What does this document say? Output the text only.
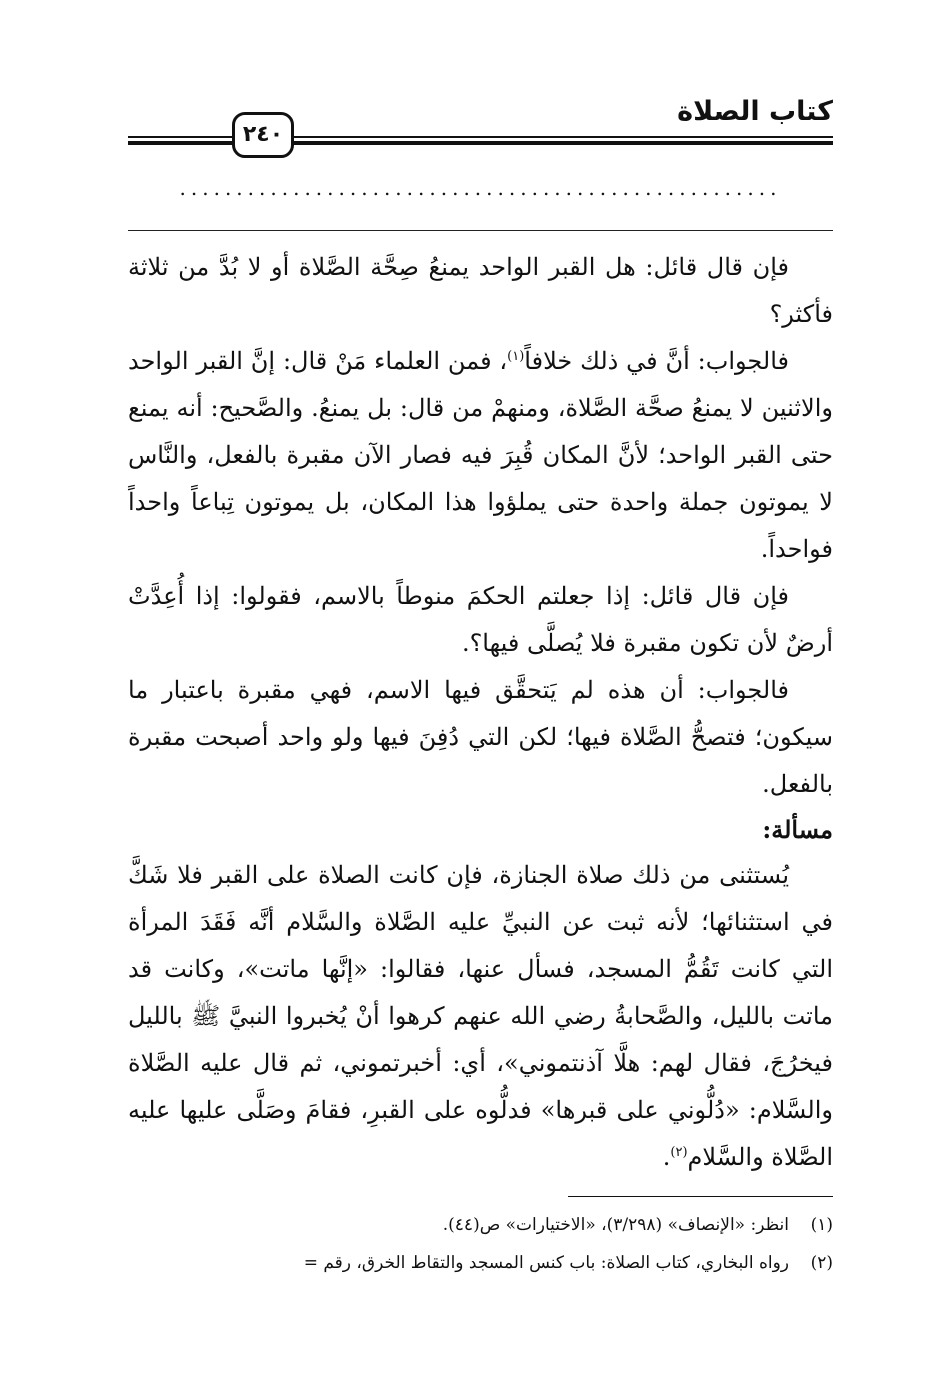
٢٤٠
كتاب الصلاة
.....................................................

فإن قال قائل: هل القبر الواحد يمنعُ صِحَّة الصَّلاة أو لا بُدَّ من ثلاثة فأكثر؟

فالجواب: أنَّ في ذلك خلافاً$^{(١)}$، فمن العلماء مَنْ قال: إنَّ القبر الواحد والاثنين لا يمنعُ صحَّة الصَّلاة، ومنهمْ من قال: بل يمنعُ. والصَّحيح: أنه يمنع حتى القبر الواحد؛ لأنَّ المكان قُبِرَ فيه فصار الآن مقبرة بالفعل، والنَّاس لا يموتون جملة واحدة حتى يملؤوا هذا المكان، بل يموتون تِباعاً واحداً فواحداً.

فإن قال قائل: إذا جعلتم الحكمَ منوطاً بالاسم، فقولوا: إذا أُعِدَّتْ أرضٌ لأن تكون مقبرة فلا يُصلَّى فيها؟.

فالجواب: أن هذه لم يَتحقَّق فيها الاسم، فهي مقبرة باعتبار ما سيكون؛ فتصحُّ الصَّلاة فيها؛ لكن التي دُفِنَ فيها ولو واحد أصبحت مقبرة بالفعل.

مسألة:

يُستثنى من ذلك صلاة الجنازة، فإن كانت الصلاة على القبر فلا شَكَّ في استثنائها؛ لأنه ثبت عن النبيِّ عليه الصَّلاة والسَّلام أنَّه فَقَدَ المرأة التي كانت تَقُمُّ المسجد، فسأل عنها، فقالوا: «إنَّها ماتت»، وكانت قد ماتت بالليل، والصَّحابةُ رضي الله عنهم كرهوا أنْ يُخبروا النبيَّ ﷺ بالليل فيخرُجَ، فقال لهم: هلَّا آذنتموني»، أي: أخبرتموني، ثم قال عليه الصَّلاة والسَّلام: «دُلُّوني على قبرها» فدلُّوه على القبرِ، فقامَ وصَلَّى عليها عليه الصَّلاة والسَّلام$^{(٢)}$.

(١)انظر: «الإنصاف» (٣/٢٩٨)، «الاختيارات» ص(٤٤).
(٢)رواه البخاري، كتاب الصلاة: باب كنس المسجد والتقاط الخرق، رقم =
